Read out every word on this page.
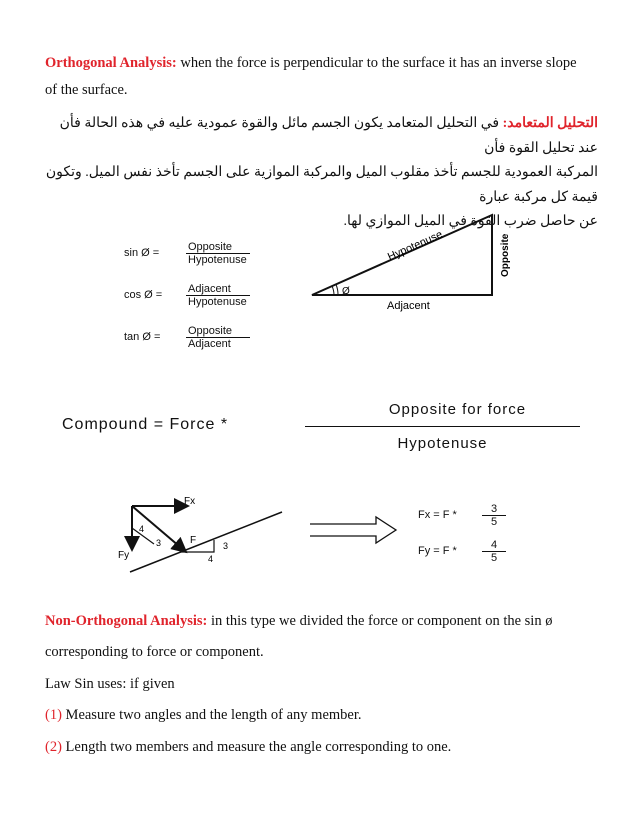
Orthogonal Analysis: when the force is perpendicular to the surface it has an inverse slope
of the surface.
التحليل المتعامد: في التحليل المتعامد يكون الجسم مائل والقوة عمودية عليه في هذه الحالة فأن عند تحليل القوة فأن
المركبة العمودية للجسم تأخذ مقلوب الميل والمركبة الموازية على الجسم تأخذ نفس الميل. وتكون قيمة كل مركبة عبارة
عن حاصل ضرب القوة في الميل الموازي لها.
sin Ø =	$\frac{\text{Opposite}}{\text{Hypotenuse}}$
cos Ø =	$\frac{\text{Adjacent}}{\text{Hypotenuse}}$
tan Ø =	$\frac{\text{Opposite}}{\text{Adjacent}}$
Ø
Hypotenuse	Opposite
Adjacent
Compound = Force *
Opposite for force
Hypotenuse
Fx
Fy
F
4
3	3
4
Fx = F *	$\frac{3}{5}$
Fy = F *	$\frac{4}{5}$
Non-Orthogonal Analysis: in this type we divided the force or component on the sin ø
corresponding to force or component.
Law Sin uses: if given
(1) Measure two angles and the length of any member.
(2) Length two members and measure the angle corresponding to one.
